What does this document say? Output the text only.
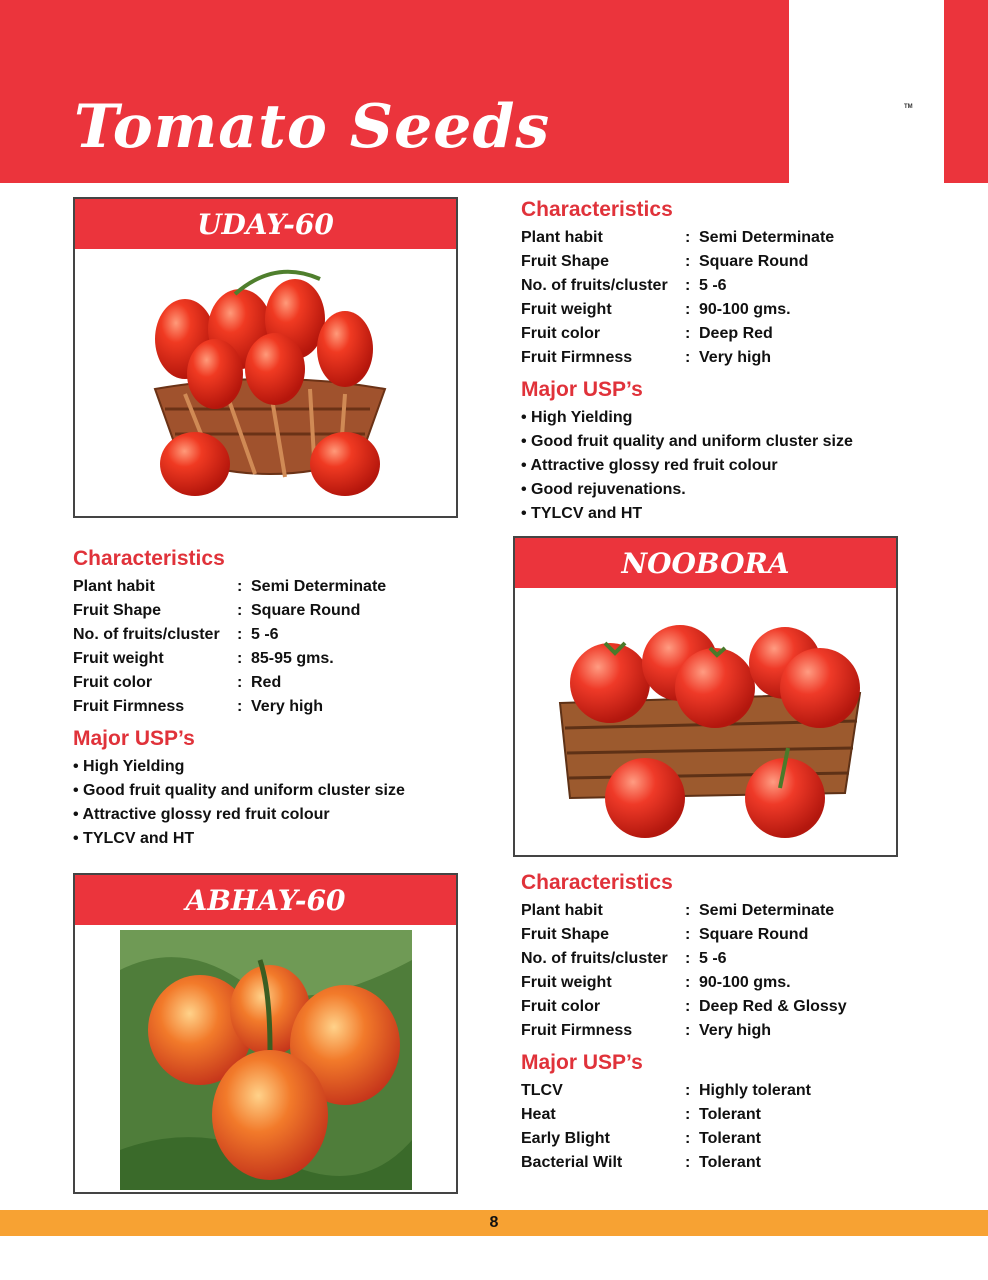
Tomato Seeds	TM
UDAY-60
Characteristics
Plant habit	: Semi Determinate
Fruit Shape	: Square Round
No. of fruits/cluster	: 5 -6
Fruit weight	: 85-95 gms.
Fruit color	: Red
Fruit Firmness	: Very high
Major USP’s
• High Yielding
• Good fruit quality and uniform cluster size
• Attractive glossy red fruit colour
• TYLCV and HT
Characteristics
Plant habit	: Semi Determinate
Fruit Shape	: Square Round
No. of fruits/cluster	: 5 -6
Fruit weight	: 90-100 gms.
Fruit color	: Deep Red
Fruit Firmness	: Very high
Major USP’s
• High Yielding
• Good fruit quality and uniform cluster size
• Attractive glossy red fruit colour
• Good rejuvenations.
• TYLCV and HT
NOOBORA
ABHAY-60
Characteristics
Plant habit	: Semi Determinate
Fruit Shape	: Square Round
No. of fruits/cluster	: 5 -6
Fruit weight	: 90-100 gms.
Fruit color	: Deep Red & Glossy
Fruit Firmness	: Very high
Major USP’s
TLCV	: Highly tolerant
Heat	: Tolerant
Early Blight	: Tolerant
Bacterial Wilt	: Tolerant
8
